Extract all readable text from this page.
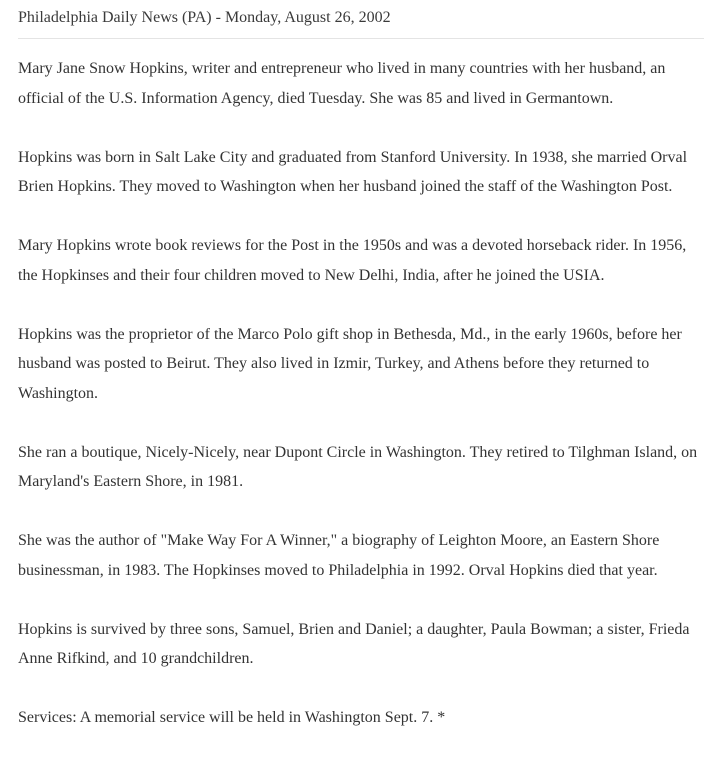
Philadelphia Daily News (PA) - Monday, August 26, 2002

Mary Jane Snow Hopkins, writer and entrepreneur who lived in many countries with her husband, an official of the U.S. Information Agency, died Tuesday. She was 85 and lived in Germantown.

Hopkins was born in Salt Lake City and graduated from Stanford University. In 1938, she married Orval Brien Hopkins. They moved to Washington when her husband joined the staff of the Washington Post.

Mary Hopkins wrote book reviews for the Post in the 1950s and was a devoted horseback rider. In 1956, the Hopkinses and their four children moved to New Delhi, India, after he joined the USIA.

Hopkins was the proprietor of the Marco Polo gift shop in Bethesda, Md., in the early 1960s, before her husband was posted to Beirut. They also lived in Izmir, Turkey, and Athens before they returned to Washington.

She ran a boutique, Nicely-Nicely, near Dupont Circle in Washington. They retired to Tilghman Island, on Maryland's Eastern Shore, in 1981.

She was the author of "Make Way For A Winner," a biography of Leighton Moore, an Eastern Shore businessman, in 1983. The Hopkinses moved to Philadelphia in 1992. Orval Hopkins died that year.

Hopkins is survived by three sons, Samuel, Brien and Daniel; a daughter, Paula Bowman; a sister, Frieda Anne Rifkind, and 10 grandchildren.

Services: A memorial service will be held in Washington Sept. 7. *
